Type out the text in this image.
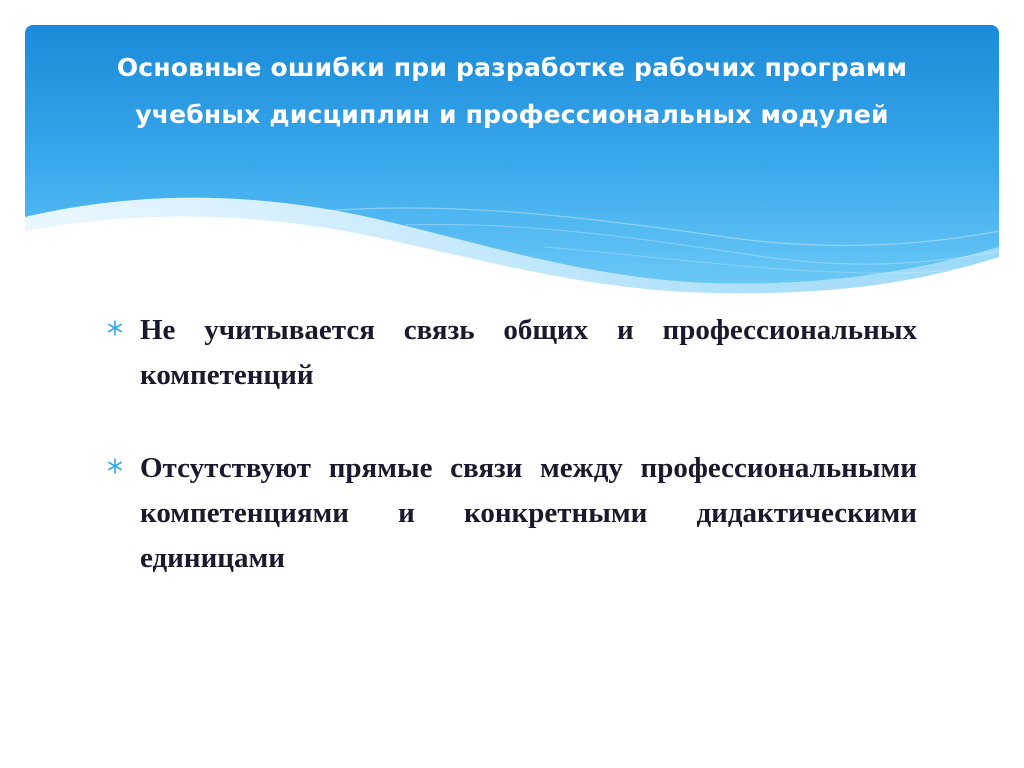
Основные ошибки при разработке рабочих программ учебных дисциплин и профессиональных модулей
Не учитывается связь общих и профессиональных компетенций
Отсутствуют прямые связи между профессиональными компетенциями и конкретными дидактическими единицами
